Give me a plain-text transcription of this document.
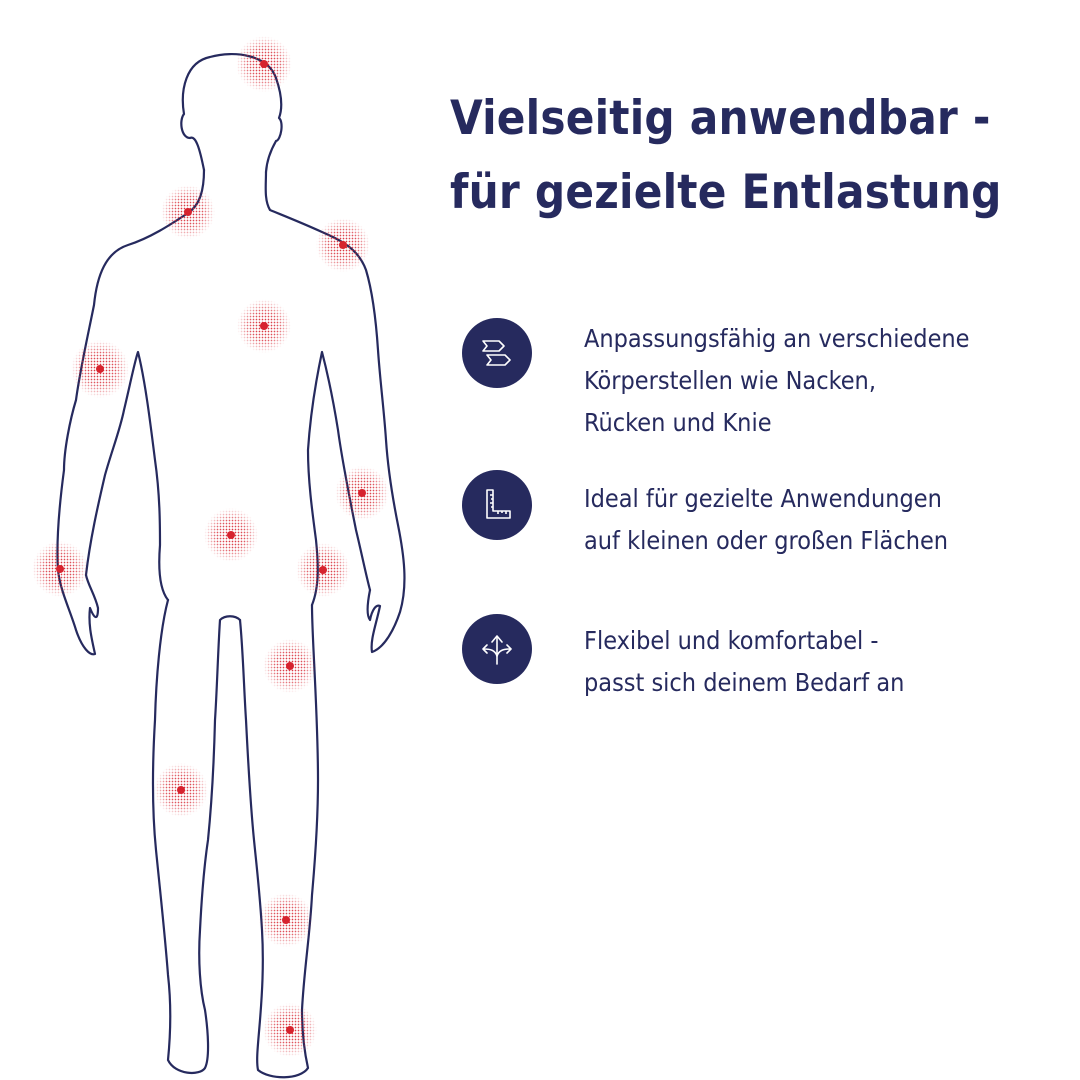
Vielseitig anwendbar -
für gezielte Entlastung

Anpassungsfähig an verschiedene
Körperstellen wie Nacken,
Rücken und Knie

Ideal für gezielte Anwendungen
auf kleinen oder großen Flächen

Flexibel und komfortabel -
passt sich deinem Bedarf an
